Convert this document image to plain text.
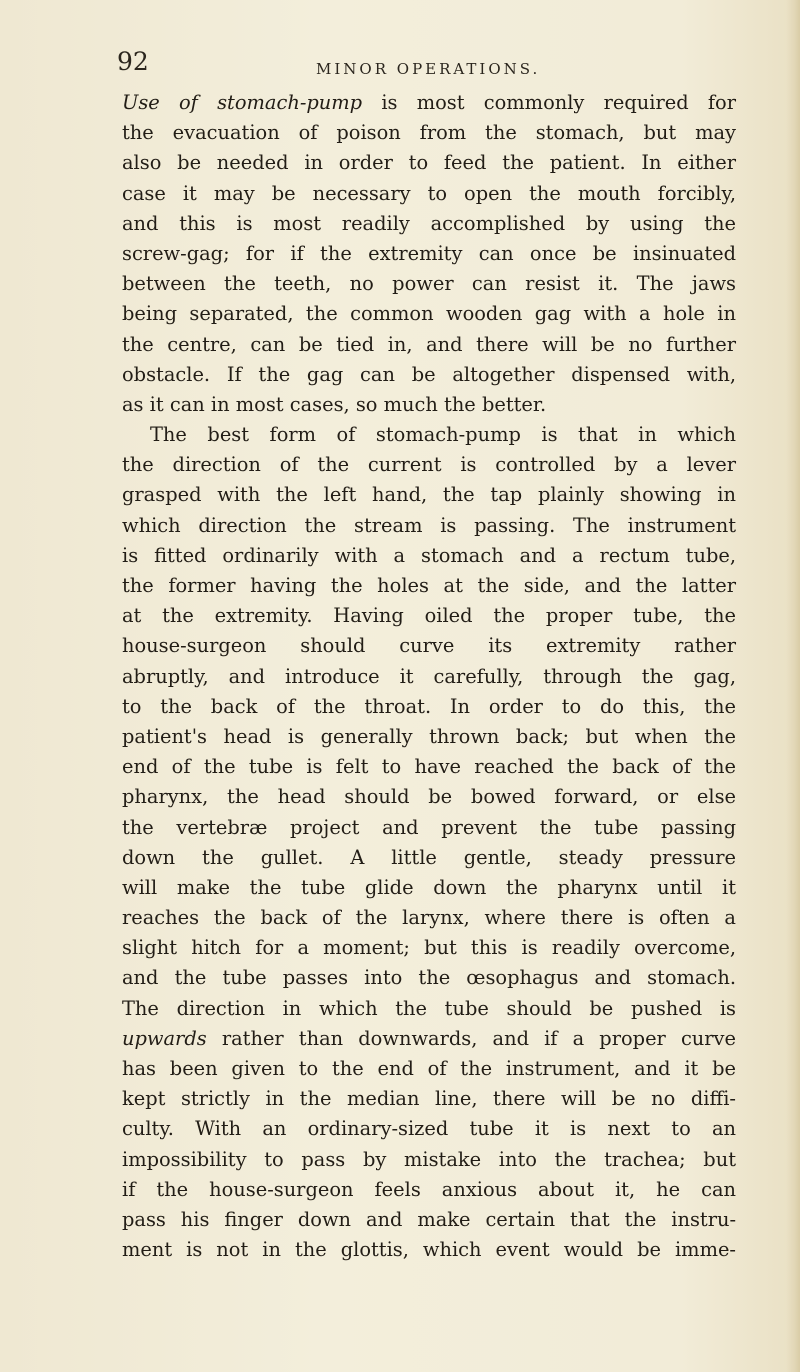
92	MINOR OPERATIONS.
Use of stomach-pump is most commonly required for
the evacuation of poison from the stomach, but may
also be needed in order to feed the patient. In either
case it may be necessary to open the mouth forcibly,
and this is most readily accomplished by using the
screw-gag; for if the extremity can once be insinuated
between the teeth, no power can resist it. The jaws
being separated, the common wooden gag with a hole in
the centre, can be tied in, and there will be no further
obstacle. If the gag can be altogether dispensed with,
as it can in most cases, so much the better.
The best form of stomach-pump is that in which
the direction of the current is controlled by a lever
grasped with the left hand, the tap plainly showing in
which direction the stream is passing. The instrument
is fitted ordinarily with a stomach and a rectum tube,
the former having the holes at the side, and the latter
at the extremity. Having oiled the proper tube, the
house-surgeon should curve its extremity rather
abruptly, and introduce it carefully, through the gag,
to the back of the throat. In order to do this, the
patient's head is generally thrown back; but when the
end of the tube is felt to have reached the back of the
pharynx, the head should be bowed forward, or else
the vertebræ project and prevent the tube passing
down the gullet. A little gentle, steady pressure
will make the tube glide down the pharynx until it
reaches the back of the larynx, where there is often a
slight hitch for a moment; but this is readily overcome,
and the tube passes into the œsophagus and stomach.
The direction in which the tube should be pushed is
upwards rather than downwards, and if a proper curve
has been given to the end of the instrument, and it be
kept strictly in the median line, there will be no diffi-
culty. With an ordinary-sized tube it is next to an
impossibility to pass by mistake into the trachea; but
if the house-surgeon feels anxious about it, he can
pass his finger down and make certain that the instru-
ment is not in the glottis, which event would be imme-
